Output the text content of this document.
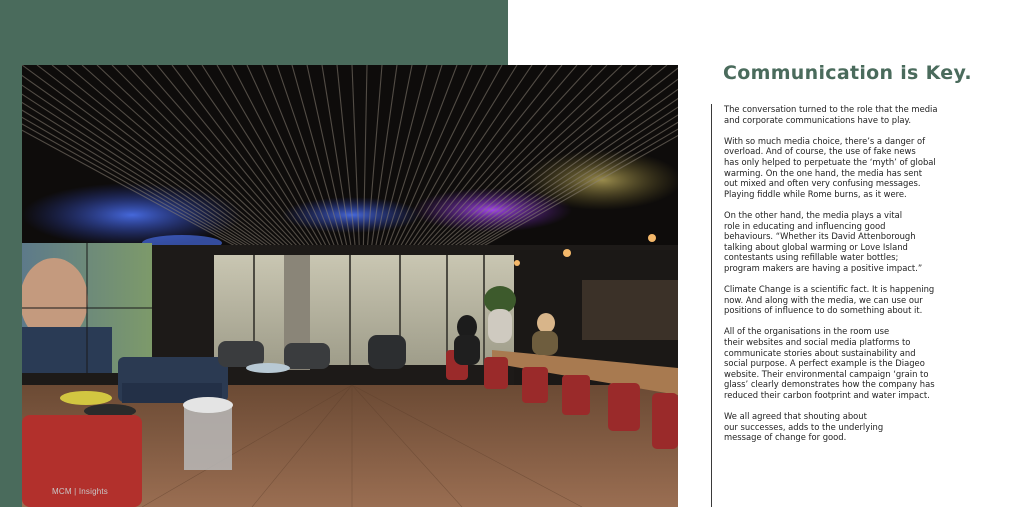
MCM | Insights
Communication is Key.

The conversation turned to the role that the media
and corporate communications have to play.

With so much media choice, there’s a danger of
overload. And of course, the use of fake news
has only helped to perpetuate the ‘myth’ of global
warming. On the one hand, the media has sent
out mixed and often very confusing messages.
Playing fiddle while Rome burns, as it were.

On the other hand, the media plays a vital
role in educating and influencing good
behaviours. “Whether its David Attenborough
talking about global warming or Love Island
contestants using refillable water bottles;
program makers are having a positive impact.”

Climate Change is a scientific fact. It is happening
now. And along with the media, we can use our
positions of influence to do something about it.

All of the organisations in the room use
their websites and social media platforms to
communicate stories about sustainability and
social purpose. A perfect example is the Diageo
website. Their environmental campaign ‘grain to
glass’ clearly demonstrates how the company has
reduced their carbon footprint and water impact.

We all agreed that shouting about
our successes, adds to the underlying
message of change for good.
